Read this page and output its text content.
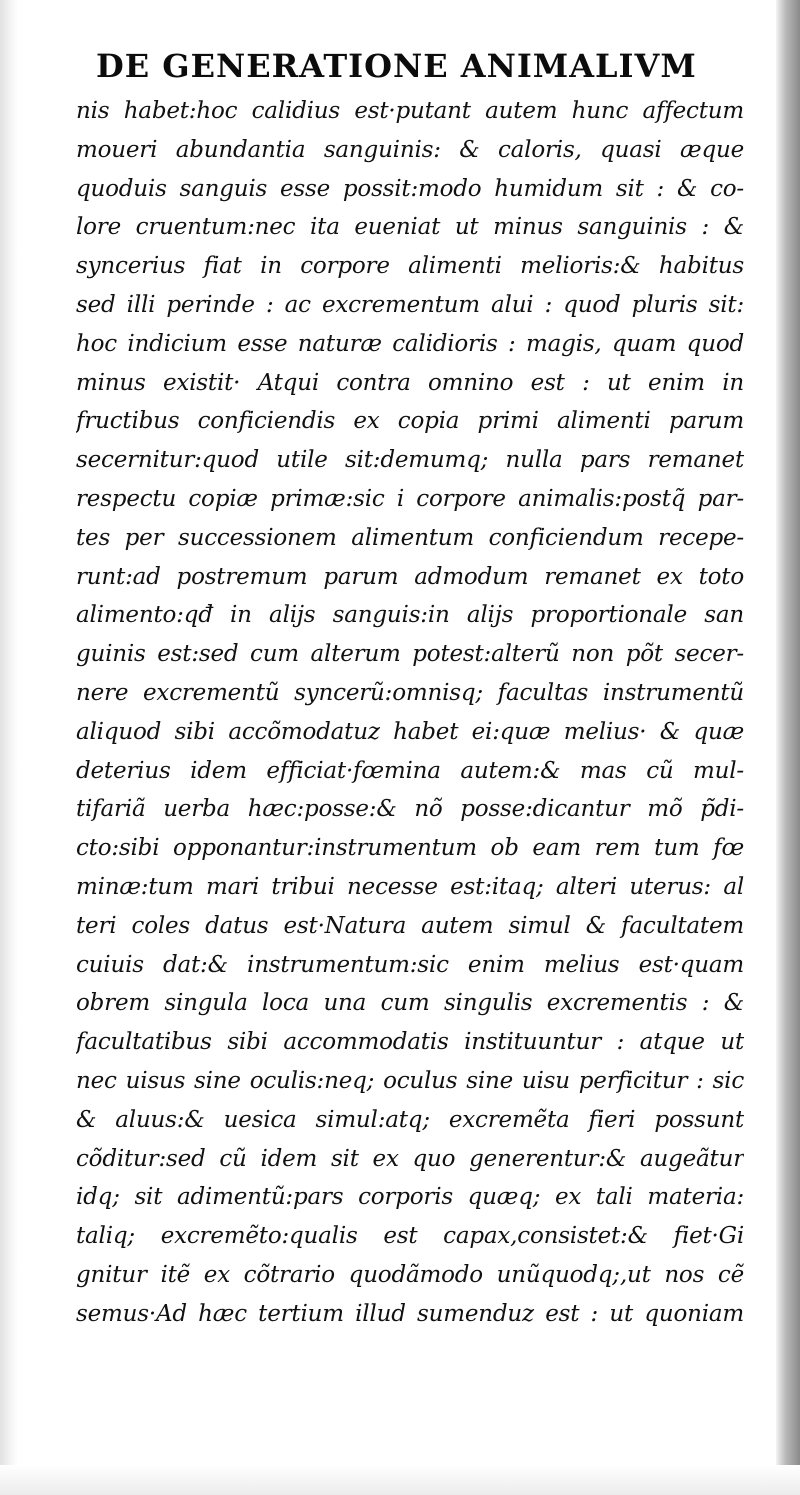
DE GENERATIONE ANIMALIVM
nis habet:hoc calidius est·putant autem hunc affectum
moueri abundantia sanguinis: & caloris, quasi æque
quoduis sanguis esse possit:modo humidum sit : & co-
lore cruentum:nec ita eueniat ut minus sanguinis : &
syncerius fiat in corpore alimenti melioris:& habitus
sed illi perinde : ac excrementum alui : quod pluris sit:
hoc indicium esse naturæ calidioris : magis, quam quod
minus existit· Atqui contra omnino est : ut enim in
fructibus conficiendis ex copia primi alimenti parum
secernitur:quod utile sit:demumq; nulla pars remanet
respectu copiæ primæ:sic i corpore animalis:postq̃ par-
tes per successionem alimentum conficiendum recepe-
runt:ad postremum parum admodum remanet ex toto
alimento:qđ in alijs sanguis:in alijs proportionale san
guinis est:sed cum alterum potest:alterũ non põt secer-
nere excrementũ syncerũ:omnisq; facultas instrumentũ
aliquod sibi accõmodatuz habet ei:quæ melius· & quæ
deterius idem efficiat·fœmina autem:& mas cũ mul-
tifariã uerba hæc:posse:& nõ posse:dicantur mõ p̃di-
cto:sibi opponantur:instrumentum ob eam rem tum fœ
minæ:tum mari tribui necesse est:itaq; alteri uterus: al
teri coles datus est·Natura autem simul & facultatem
cuiuis dat:& instrumentum:sic enim melius est·quam
obrem singula loca una cum singulis excrementis : &
facultatibus sibi accommodatis instituuntur : atque ut
nec uisus sine oculis:neq; oculus sine uisu perficitur : sic
& aluus:& uesica simul:atq; excremẽta fieri possunt
cõditur:sed cũ idem sit ex quo generentur:& augeãtur
idq; sit adimentũ:pars corporis quæq; ex tali materia:
taliq; excremẽto:qualis est capax,consistet:& fiet·Gi
gnitur itẽ ex cõtrario quodãmodo unũquodq;,ut nos cẽ
semus·Ad hæc tertium illud sumenduz est : ut quoniam
